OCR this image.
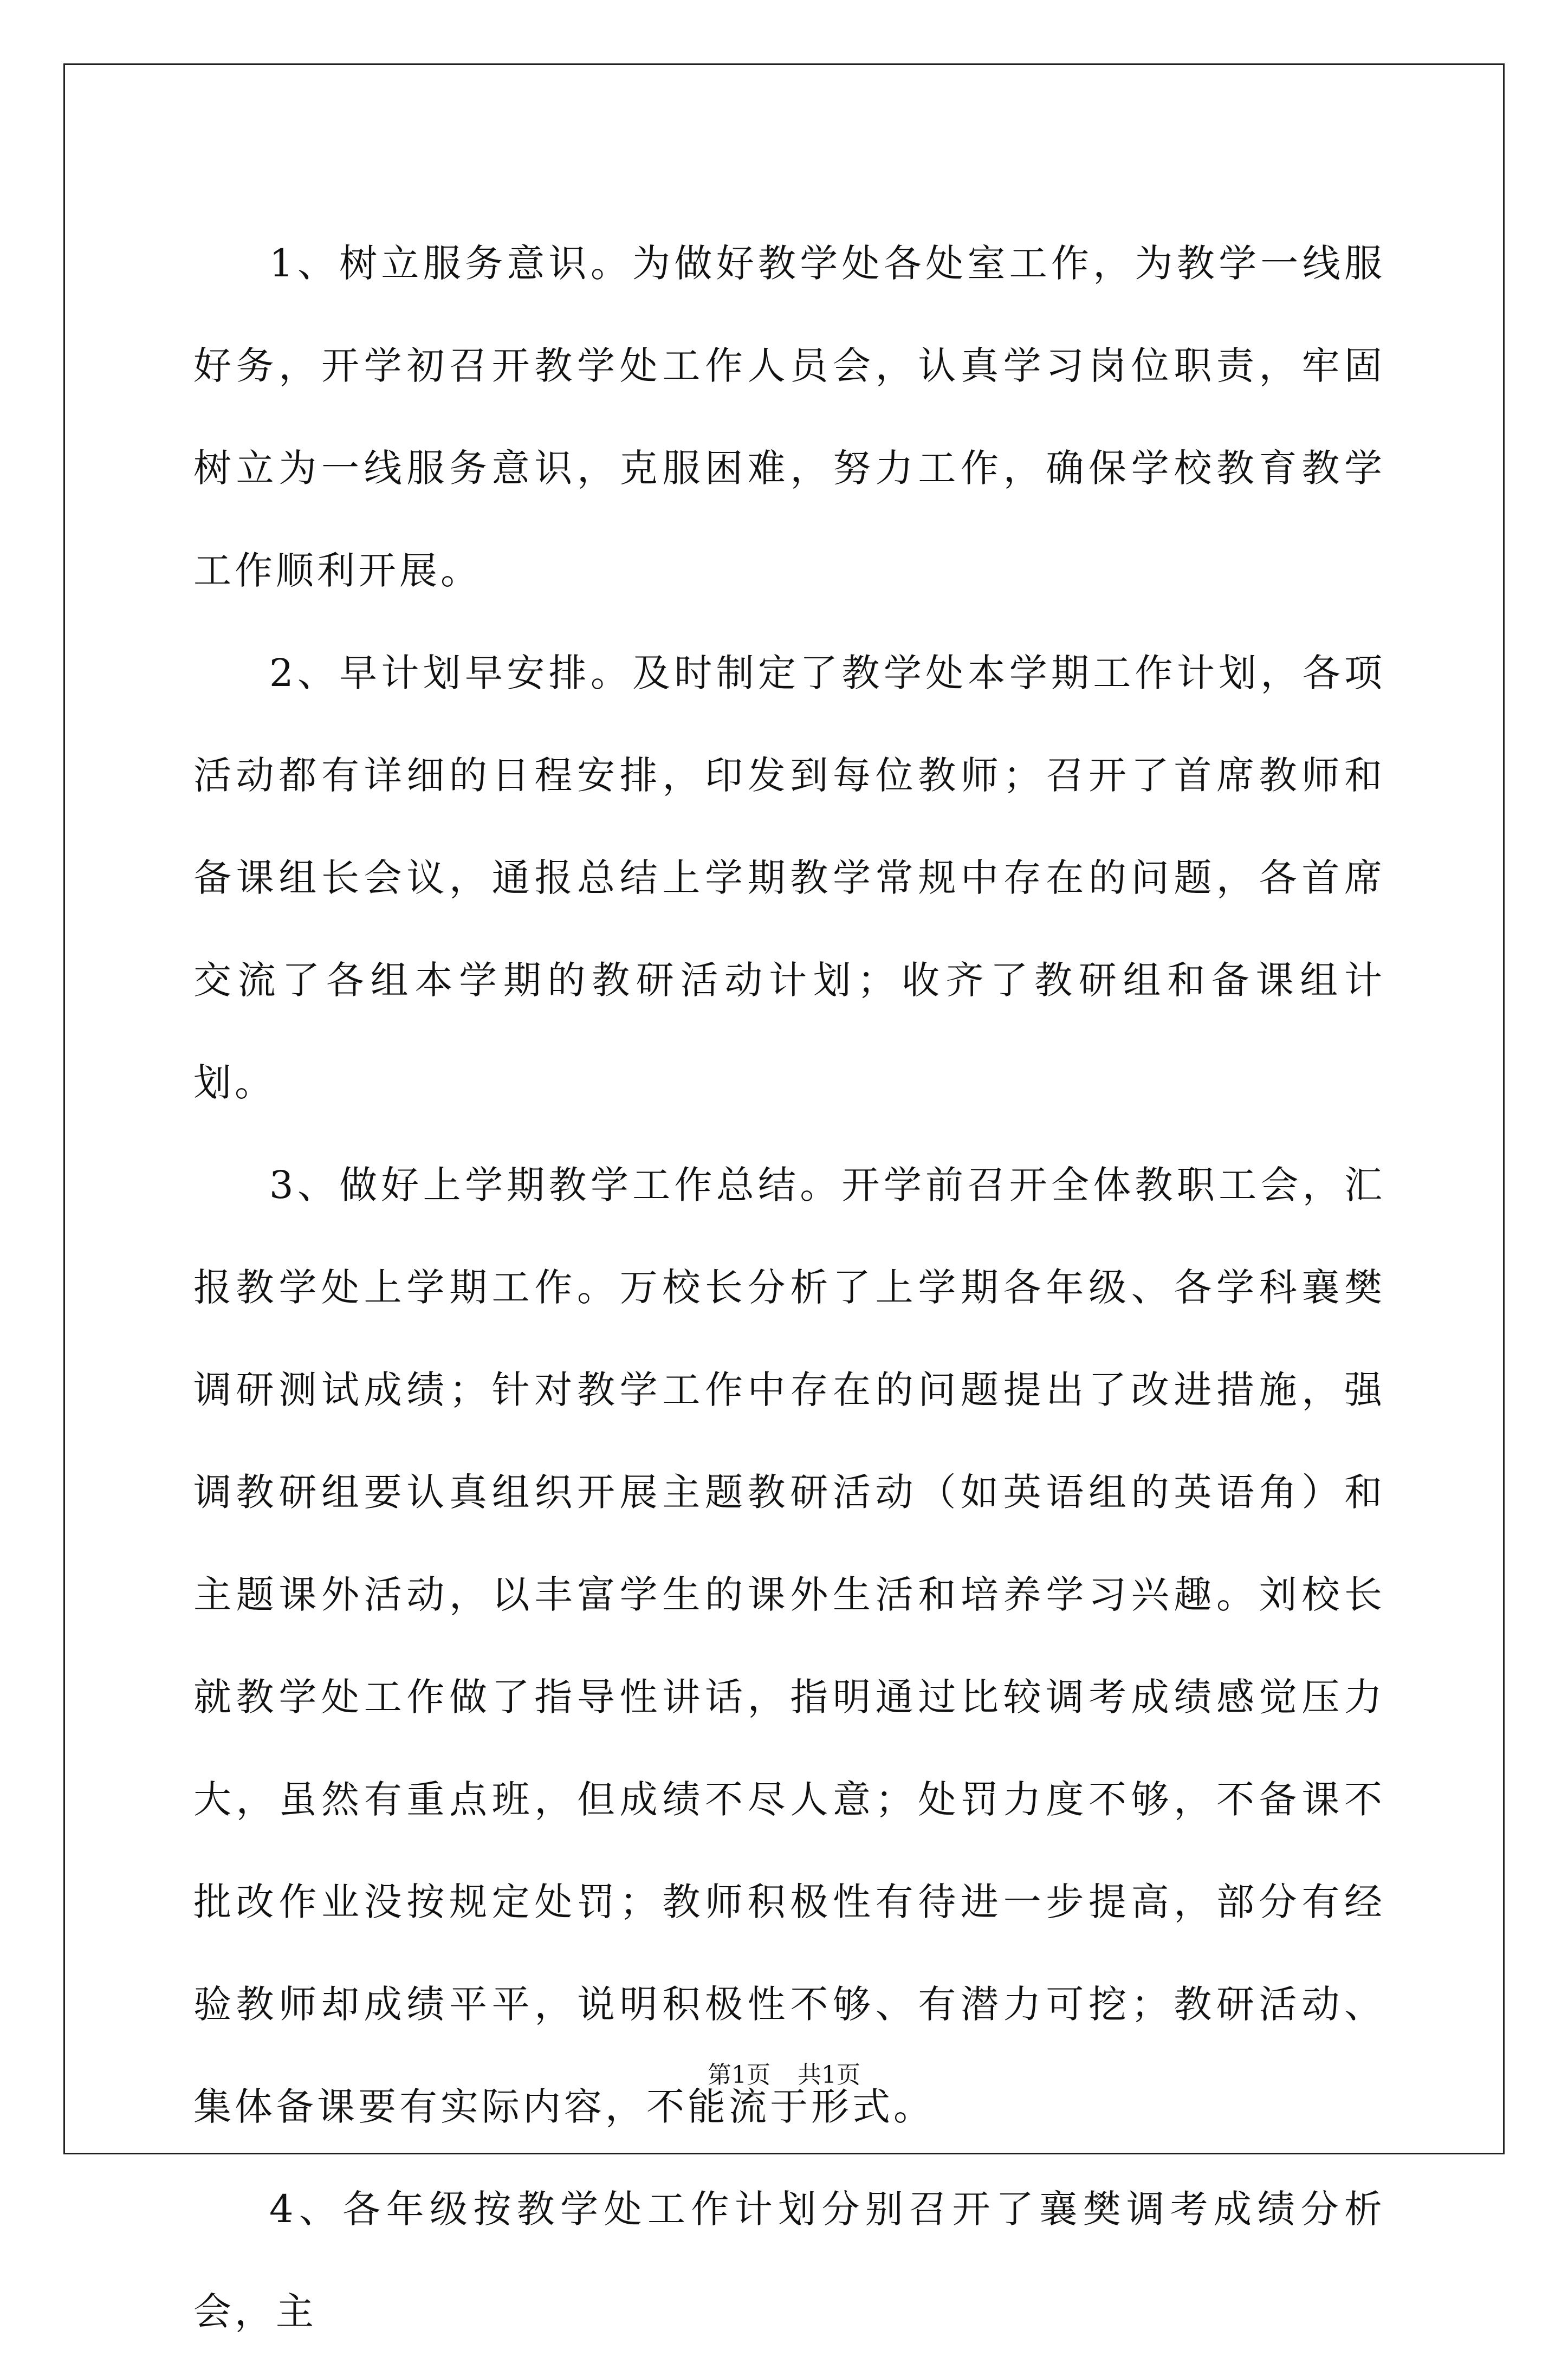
1、树立服务意识。为做好教学处各处室工作，为教学一线服好务，开学初召开教学处工作人员会，认真学习岗位职责，牢固树立为一线服务意识，克服困难，努力工作，确保学校教育教学工作顺利开展。

2、早计划早安排。及时制定了教学处本学期工作计划，各项活动都有详细的日程安排，印发到每位教师；召开了首席教师和备课组长会议，通报总结上学期教学常规中存在的问题，各首席交流了各组本学期的教研活动计划；收齐了教研组和备课组计划。

3、做好上学期教学工作总结。开学前召开全体教职工会，汇报教学处上学期工作。万校长分析了上学期各年级、各学科襄樊调研测试成绩；针对教学工作中存在的问题提出了改进措施，强调教研组要认真组织开展主题教研活动（如英语组的英语角）和主题课外活动，以丰富学生的课外生活和培养学习兴趣。刘校长就教学处工作做了指导性讲话，指明通过比较调考成绩感觉压力大，虽然有重点班，但成绩不尽人意；处罚力度不够，不备课不批改作业没按规定处罚；教师积极性有待进一步提高，部分有经验教师却成绩平平，说明积极性不够、有潜力可挖；教研活动、集体备课要有实际内容，不能流于形式。

4、各年级按教学处工作计划分别召开了襄樊调考成绩分析会，主

第1页 共1页
